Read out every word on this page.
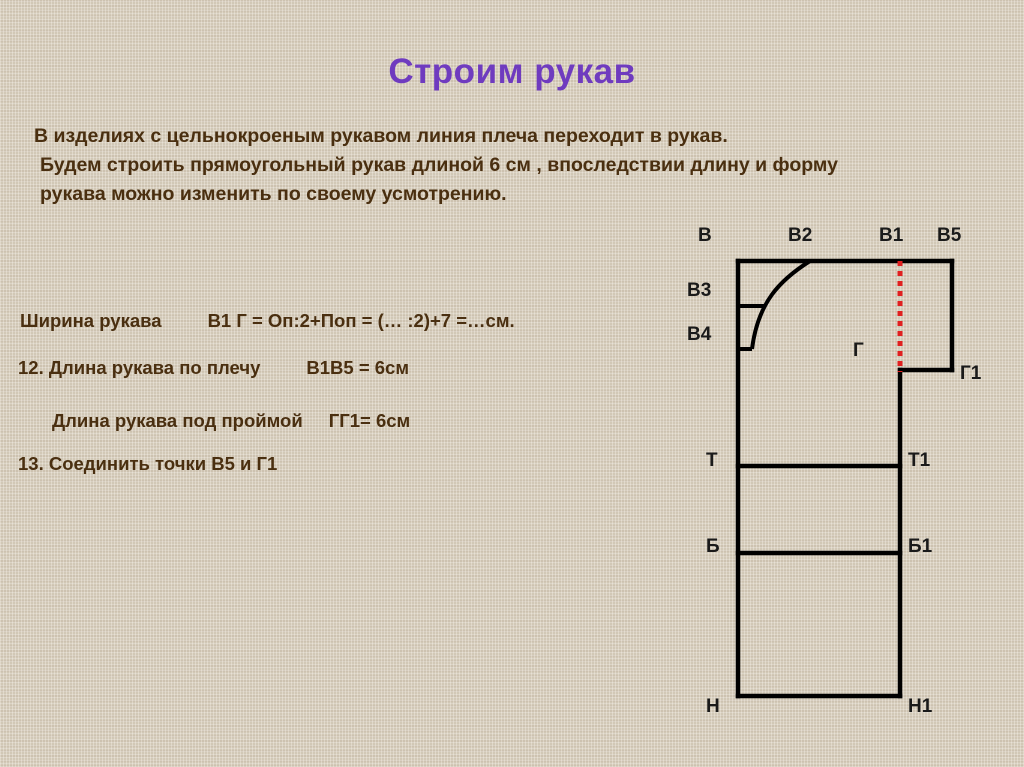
Строим рукав
В изделиях с цельнокроеным рукавом линия плеча переходит в рукав.
Будем строить прямоугольный рукав длиной 6 см , впоследствии длину и форму
рукава можно изменить по своему усмотрению.
Ширина рукава В1 Г = Оп:2+Поп = (… :2)+7 =…см.
12. Длина рукава по плечу В1В5 = 6см
Длина рукава под проймой ГГ1= 6см
13. Соединить точки В5 и Г1
В	В2	В1 В5
В3
В4
Г
Г1
Т	Т1
Б	Б1
Н	Н1
